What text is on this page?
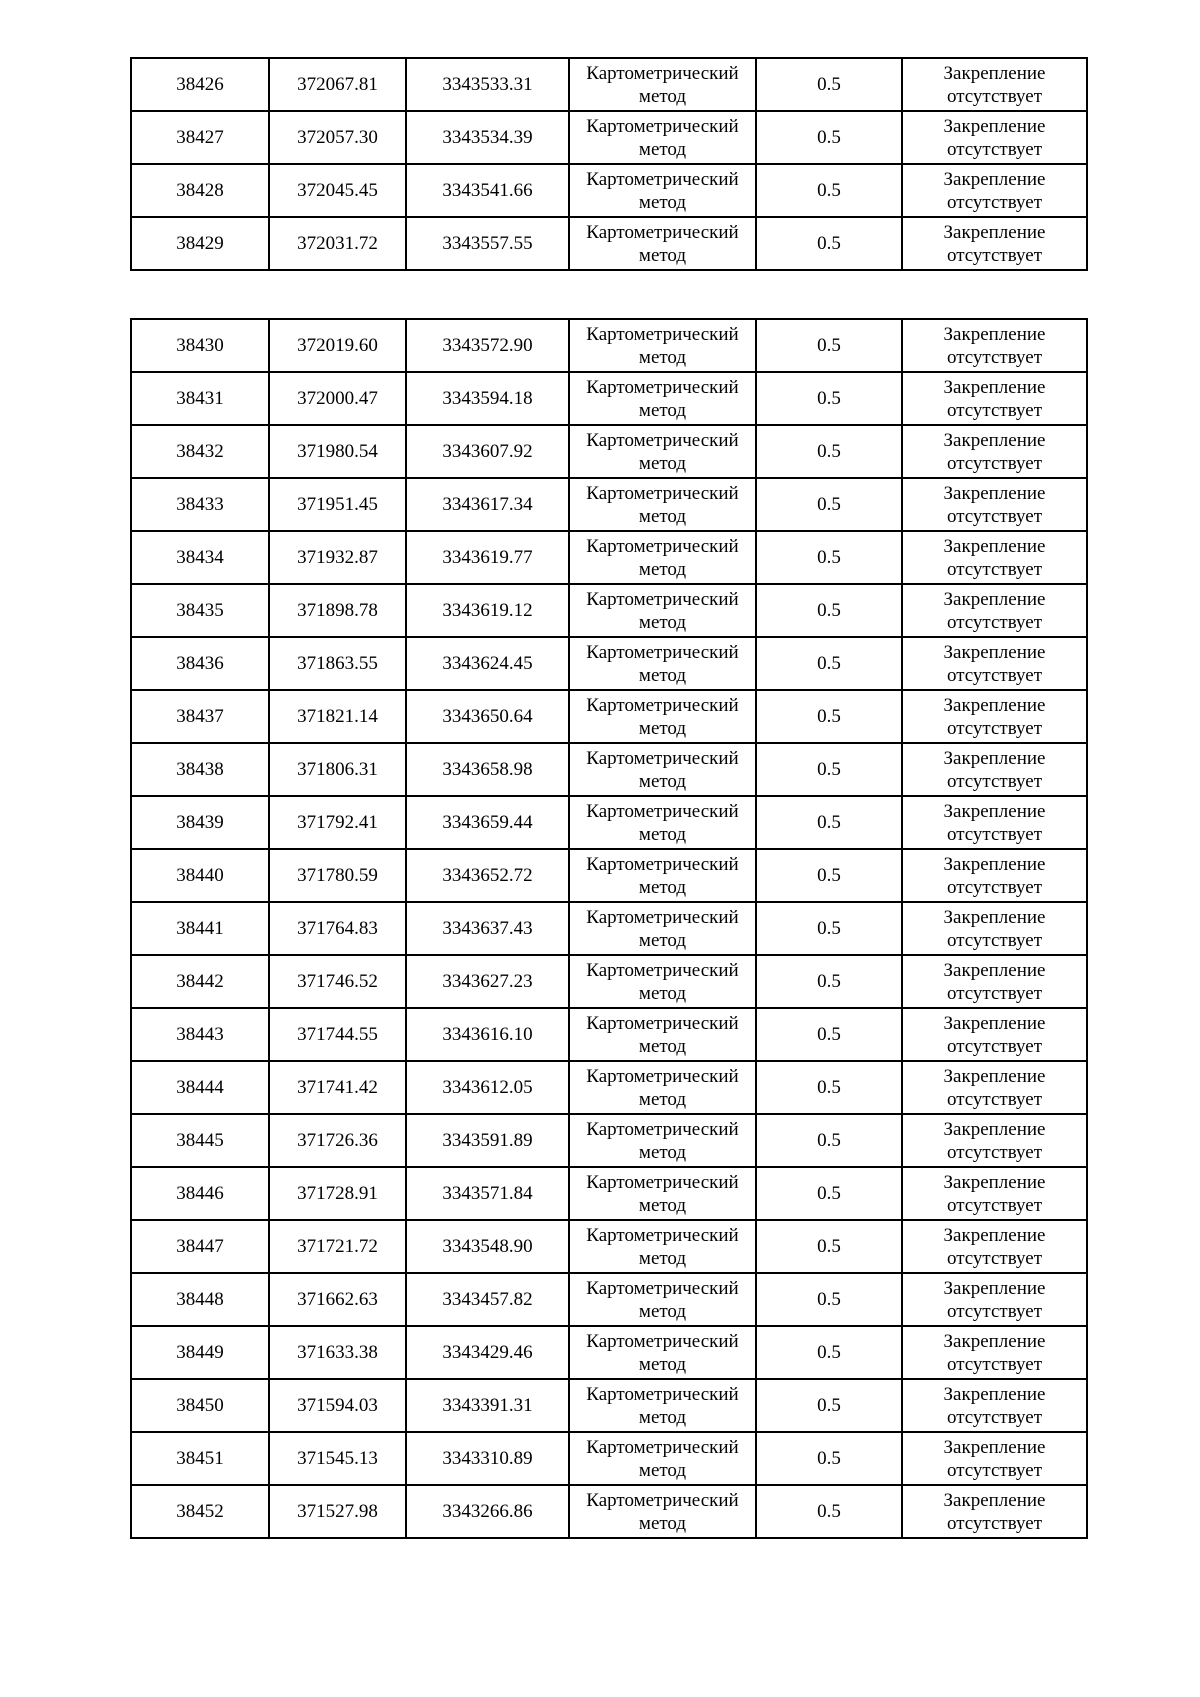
38426	372067.81	3343533.31	Картометрический
метод	0.5	Закрепление
отсутствует

38427	372057.30	3343534.39	Картометрический
метод	0.5	Закрепление
отсутствует

38428	372045.45	3343541.66	Картометрический
метод	0.5	Закрепление
отсутствует

38429	372031.72	3343557.55	Картометрический
метод	0.5	Закрепление
отсутствует
38430	372019.60	3343572.90	Картометрический
метод	0.5	Закрепление
отсутствует

38431	372000.47	3343594.18	Картометрический
метод	0.5	Закрепление
отсутствует

38432	371980.54	3343607.92	Картометрический
метод	0.5	Закрепление
отсутствует

38433	371951.45	3343617.34	Картометрический
метод	0.5	Закрепление
отсутствует

38434	371932.87	3343619.77	Картометрический
метод	0.5	Закрепление
отсутствует

38435	371898.78	3343619.12	Картометрический
метод	0.5	Закрепление
отсутствует

38436	371863.55	3343624.45	Картометрический
метод	0.5	Закрепление
отсутствует

38437	371821.14	3343650.64	Картометрический
метод	0.5	Закрепление
отсутствует

38438	371806.31	3343658.98	Картометрический
метод	0.5	Закрепление
отсутствует

38439	371792.41	3343659.44	Картометрический
метод	0.5	Закрепление
отсутствует

38440	371780.59	3343652.72	Картометрический
метод	0.5	Закрепление
отсутствует

38441	371764.83	3343637.43	Картометрический
метод	0.5	Закрепление
отсутствует

38442	371746.52	3343627.23	Картометрический
метод	0.5	Закрепление
отсутствует

38443	371744.55	3343616.10	Картометрический
метод	0.5	Закрепление
отсутствует

38444	371741.42	3343612.05	Картометрический
метод	0.5	Закрепление
отсутствует

38445	371726.36	3343591.89	Картометрический
метод	0.5	Закрепление
отсутствует

38446	371728.91	3343571.84	Картометрический
метод	0.5	Закрепление
отсутствует

38447	371721.72	3343548.90	Картометрический
метод	0.5	Закрепление
отсутствует

38448	371662.63	3343457.82	Картометрический
метод	0.5	Закрепление
отсутствует

38449	371633.38	3343429.46	Картометрический
метод	0.5	Закрепление
отсутствует

38450	371594.03	3343391.31	Картометрический
метод	0.5	Закрепление
отсутствует

38451	371545.13	3343310.89	Картометрический
метод	0.5	Закрепление
отсутствует

38452	371527.98	3343266.86	Картометрический
метод	0.5	Закрепление
отсутствует
